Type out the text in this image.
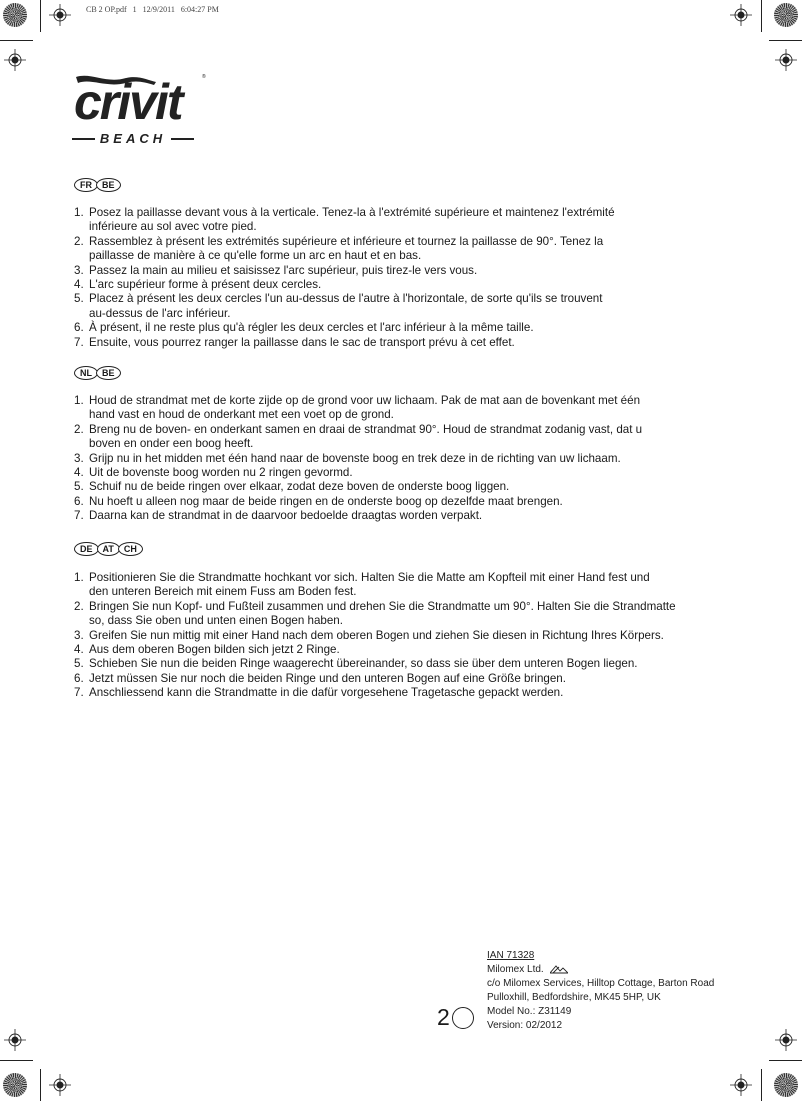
CB 2 OP.pdf   1   12/9/2011   6:04:27 PM
crivit	®
BEACH
FR	BE
1. Posez la paillasse devant vous à la verticale. Tenez-la à l'extrémité supérieure et maintenez l'extrémité
inférieure au sol avec votre pied.
2. Rassemblez à présent les extrémités supérieure et inférieure et tournez la paillasse de 90°. Tenez la
paillasse de manière à ce qu'elle forme un arc en haut et en bas.
3. Passez la main au milieu et saisissez l'arc supérieur, puis tirez-le vers vous.
4. L'arc supérieur forme à présent deux cercles.
5. Placez à présent les deux cercles l'un au-dessus de l'autre à l'horizontale, de sorte qu'ils se trouvent
au-dessus de l'arc inférieur.
6. À présent, il ne reste plus qu'à régler les deux cercles et l'arc inférieur à la même taille.
7. Ensuite, vous pourrez ranger la paillasse dans le sac de transport prévu à cet effet.
NL	BE
1. Houd de strandmat met de korte zijde op de grond voor uw lichaam. Pak de mat aan de bovenkant met één
hand vast en houd de onderkant met een voet op de grond.
2. Breng nu de boven- en onderkant samen en draai de strandmat 90°. Houd de strandmat zodanig vast, dat u
boven en onder een boog heeft.
3. Grijp nu in het midden met één hand naar de bovenste boog en trek deze in de richting van uw lichaam.
4. Uit de bovenste boog worden nu 2 ringen gevormd.
5. Schuif nu de beide ringen over elkaar, zodat deze boven de onderste boog liggen.
6. Nu hoeft u alleen nog maar de beide ringen en de onderste boog op dezelfde maat brengen.
7. Daarna kan de strandmat in de daarvoor bedoelde draagtas worden verpakt.
DE	AT	CH
1. Positionieren Sie die Strandmatte hochkant vor sich. Halten Sie die Matte am Kopfteil mit einer Hand fest und
den unteren Bereich mit einem Fuss am Boden fest.
2. Bringen Sie nun Kopf- und Fußteil zusammen und drehen Sie die Strandmatte um 90°. Halten Sie die Strandmatte
so, dass Sie oben und unten einen Bogen haben.
3. Greifen Sie nun mittig mit einer Hand nach dem oberen Bogen und ziehen Sie diesen in Richtung Ihres Körpers.
4. Aus dem oberen Bogen bilden sich jetzt 2 Ringe.
5. Schieben Sie nun die beiden Ringe waagerecht übereinander, so dass sie über dem unteren Bogen liegen.
6. Jetzt müssen Sie nur noch die beiden Ringe und den unteren Bogen auf eine Größe bringen.
7. Anschliessend kann die Strandmatte in die dafür vorgesehene Tragetasche gepackt werden.
IAN 71328
Milomex Ltd.
c/o Milomex Services, Hilltop Cottage, Barton Road
Pulloxhill, Bedfordshire, MK45 5HP, UK
Model No.: Z31149
Version: 02/2012
2
